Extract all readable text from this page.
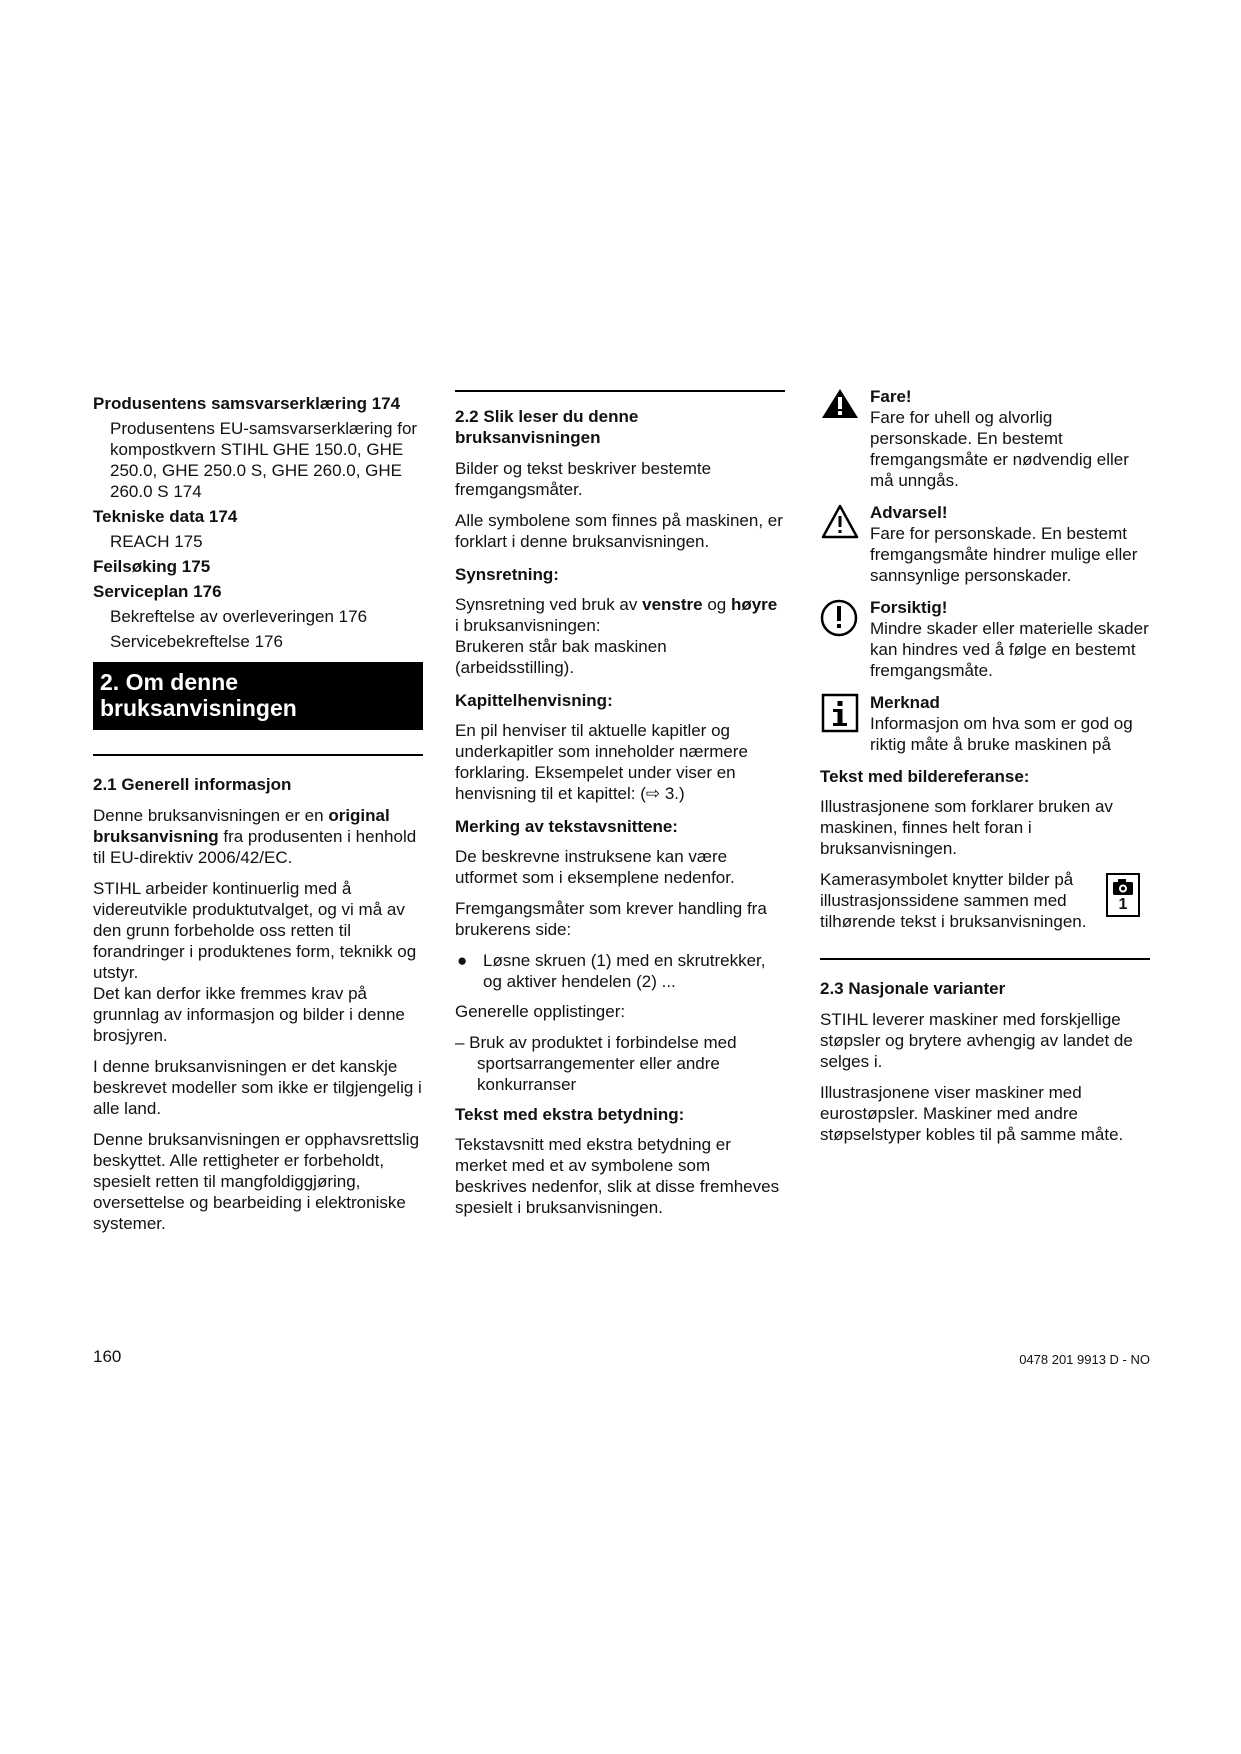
Produsentens samsvarserklæring 174

Produsentens EU-samsvarserklæring for kompostkvern STIHL GHE 150.0, GHE 250.0, GHE 250.0 S, GHE 260.0, GHE 260.0 S 174

Tekniske data 174

REACH 175

Feilsøking 175

Serviceplan 176

Bekreftelse av overleveringen 176

Servicebekreftelse 176

2. Om denne
bruksanvisningen

2.1 Generell informasjon

Denne bruksanvisningen er en original bruksanvisning fra produsenten i henhold til EU-direktiv 2006/42/EC.

STIHL arbeider kontinuerlig med å videreutvikle produktutvalget, og vi må av den grunn forbeholde oss retten til forandringer i produktenes form, teknikk og utstyr.

Det kan derfor ikke fremmes krav på grunnlag av informasjon og bilder i denne brosjyren.

I denne bruksanvisningen er det kanskje beskrevet modeller som ikke er tilgjengelig i alle land.

Denne bruksanvisningen er opphavsrettslig beskyttet. Alle rettigheter er forbeholdt, spesielt retten til mangfoldiggjøring, oversettelse og bearbeiding i elektroniske systemer.

2.2 Slik leser du denne bruksanvisningen

Bilder og tekst beskriver bestemte fremgangsmåter.

Alle symbolene som finnes på maskinen, er forklart i denne bruksanvisningen.

Synsretning:

Synsretning ved bruk av venstre og høyre i bruksanvisningen:

Brukeren står bak maskinen (arbeidsstilling).

Kapittelhenvisning:

En pil henviser til aktuelle kapitler og underkapitler som inneholder nærmere forklaring. Eksempelet under viser en henvisning til et kapittel: (⇨ 3.)

Merking av tekstavsnittene:

De beskrevne instruksene kan være utformet som i eksemplene nedenfor.

Fremgangsmåter som krever handling fra brukerens side:

● Løsne skruen (1) med en skrutrekker, og aktiver hendelen (2) ...

Generelle opplistinger:

– Bruk av produktet i forbindelse med sportsarrangementer eller andre konkurranser

Tekst med ekstra betydning:

Tekstavsnitt med ekstra betydning er merket med et av symbolene som beskrives nedenfor, slik at disse fremheves spesielt i bruksanvisningen.

Fare!

Fare for uhell og alvorlig personskade. En bestemt fremgangsmåte er nødvendig eller må unngås.

Advarsel!

Fare for personskade. En bestemt fremgangsmåte hindrer mulige eller sannsynlige personskader.

Forsiktig!

Mindre skader eller materielle skader kan hindres ved å følge en bestemt fremgangsmåte.

Merknad

Informasjon om hva som er god og riktig måte å bruke maskinen på

Tekst med bildereferanse:

Illustrasjonene som forklarer bruken av maskinen, finnes helt foran i bruksanvisningen.

Kamerasymbolet knytter bilder på illustrasjonssidene sammen med tilhørende tekst i bruksanvisningen.

1

2.3 Nasjonale varianter

STIHL leverer maskiner med forskjellige støpsler og brytere avhengig av landet de selges i.

Illustrasjonene viser maskiner med eurostøpsler. Maskiner med andre støpselstyper kobles til på samme måte.

160	0478 201 9913 D - NO
